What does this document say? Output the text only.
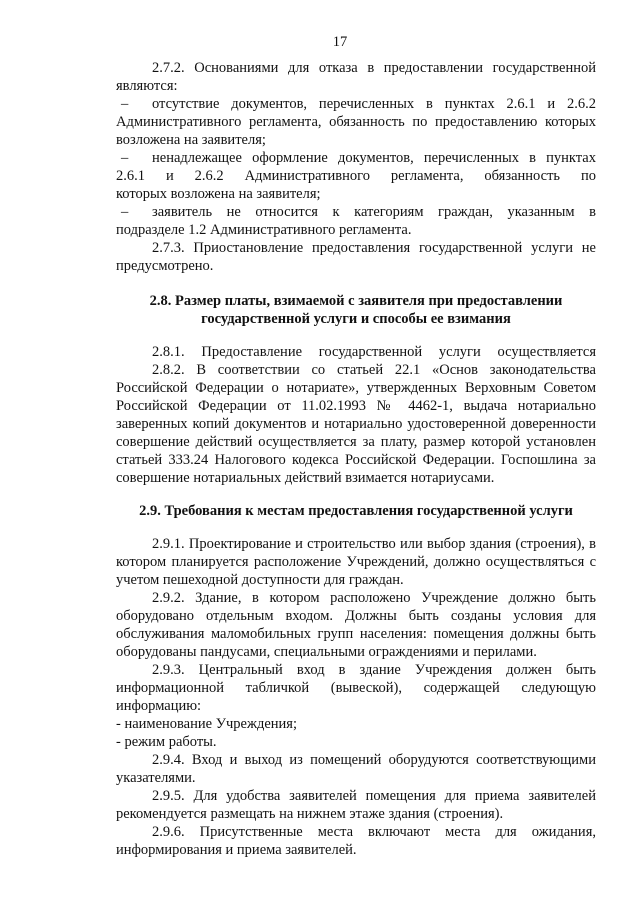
17
2.7.2. Основаниями для отказа в предоставлении государственной
являются:
–	отсутствие документов, перечисленных в пунктах 2.6.1 и 2.6.2
Административного регламента, обязанность по предоставлению которых
возложена на заявителя;
–	ненадлежащее оформление документов, перечисленных в пунктах
2.6.1 и 2.6.2 Административного регламента, обязанность по
которых возложена на заявителя;
–	заявитель не относится к категориям граждан, указанным в
подразделе 1.2 Административного регламента.
2.7.3. Приостановление предоставления государственной услуги не
предусмотрено.
2.8. Размер платы, взимаемой с заявителя при предоставлении
государственной услуги и способы ее взимания
2.8.1. Предоставление государственной услуги осуществляется
2.8.2. В соответствии со статьей 22.1 «Основ законодательства
Российской Федерации о нотариате», утвержденных Верховным Советом
Российской Федерации от 11.02.1993 № 4462-1, выдача нотариально
заверенных копий документов и нотариально удостоверенной доверенности
совершение действий осуществляется за плату, размер которой установлен
статьей 333.24 Налогового кодекса Российской Федерации. Госпошлина за
совершение нотариальных действий взимается нотариусами.
2.9. Требования к местам предоставления государственной услуги
2.9.1. Проектирование и строительство или выбор здания (строения), в
котором планируется расположение Учреждений, должно осуществляться с
учетом пешеходной доступности для граждан.
2.9.2. Здание, в котором расположено Учреждение должно быть
оборудовано отдельным входом. Должны быть созданы условия для
обслуживания маломобильных групп населения: помещения должны быть
оборудованы пандусами, специальными ограждениями и перилами.
2.9.3. Центральный вход в здание Учреждения должен быть
информационной табличкой (вывеской), содержащей следующую
информацию:
- наименование Учреждения;
- режим работы.
2.9.4. Вход и выход из помещений оборудуются соответствующими
указателями.
2.9.5. Для удобства заявителей помещения для приема заявителей
рекомендуется размещать на нижнем этаже здания (строения).
2.9.6. Присутственные места включают места для ожидания,
информирования и приема заявителей.
